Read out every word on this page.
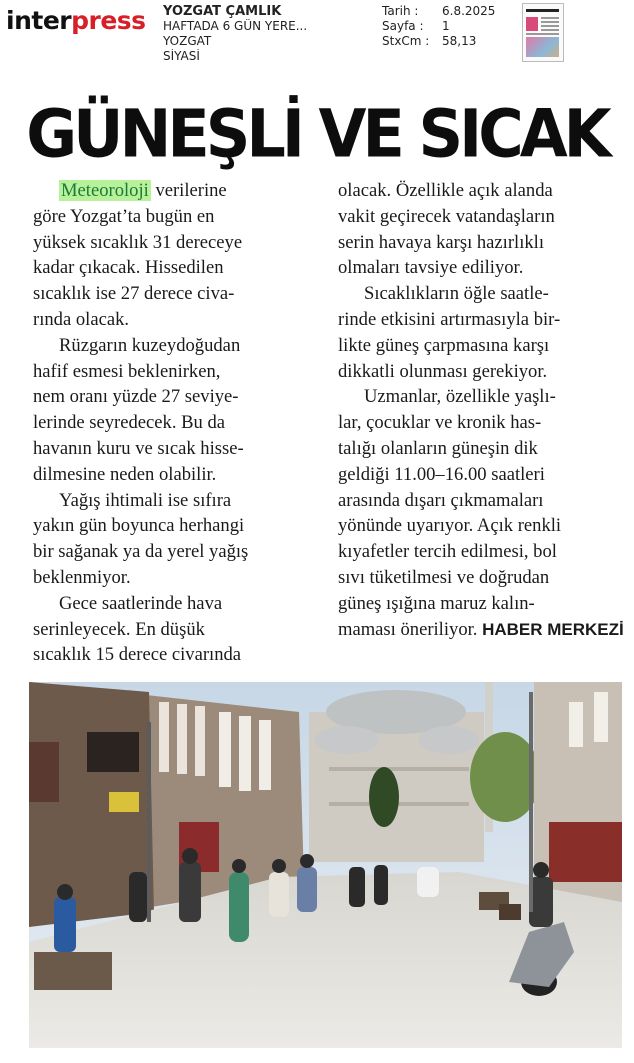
interpress YOZGAT ÇAMLIK
HAFTADA 6 GÜN YERE...
YOZGAT
SİYASİ
Tarih :	6.8.2025
Sayfa :	1
StxCm :	58,13
GÜNEŞLİ VE SICAK

Meteoroloji verilerine

göre Yozgat’ta bugün en

yüksek sıcaklık 31 dereceye

kadar çıkacak. Hissedilen

sıcaklık ise 27 derece civa-

rında olacak.

Rüzgarın kuzeydoğudan

hafif esmesi beklenirken,

nem oranı yüzde 27 seviye-

lerinde seyredecek. Bu da

havanın kuru ve sıcak hisse-

dilmesine neden olabilir.

Yağış ihtimali ise sıfıra

yakın gün boyunca herhangi

bir sağanak ya da yerel yağış

beklenmiyor.

Gece saatlerinde hava

serinleyecek. En düşük

sıcaklık 15 derece civarında

olacak. Özellikle açık alanda

vakit geçirecek vatandaşların

serin havaya karşı hazırlıklı

olmaları tavsiye ediliyor.

Sıcaklıkların öğle saatle-

rinde etkisini artırmasıyla bir-

likte güneş çarpmasına karşı

dikkatli olunması gerekiyor.

Uzmanlar, özellikle yaşlı-

lar, çocuklar ve kronik has-

talığı olanların güneşin dik

geldiği 11.00–16.00 saatleri

arasında dışarı çıkmamaları

yönünde uyarıyor. Açık renkli

kıyafetler tercih edilmesi, bol

sıvı tüketilmesi ve doğrudan

güneş ışığına maruz kalın-

maması öneriliyor. HABER MERKEZİ
